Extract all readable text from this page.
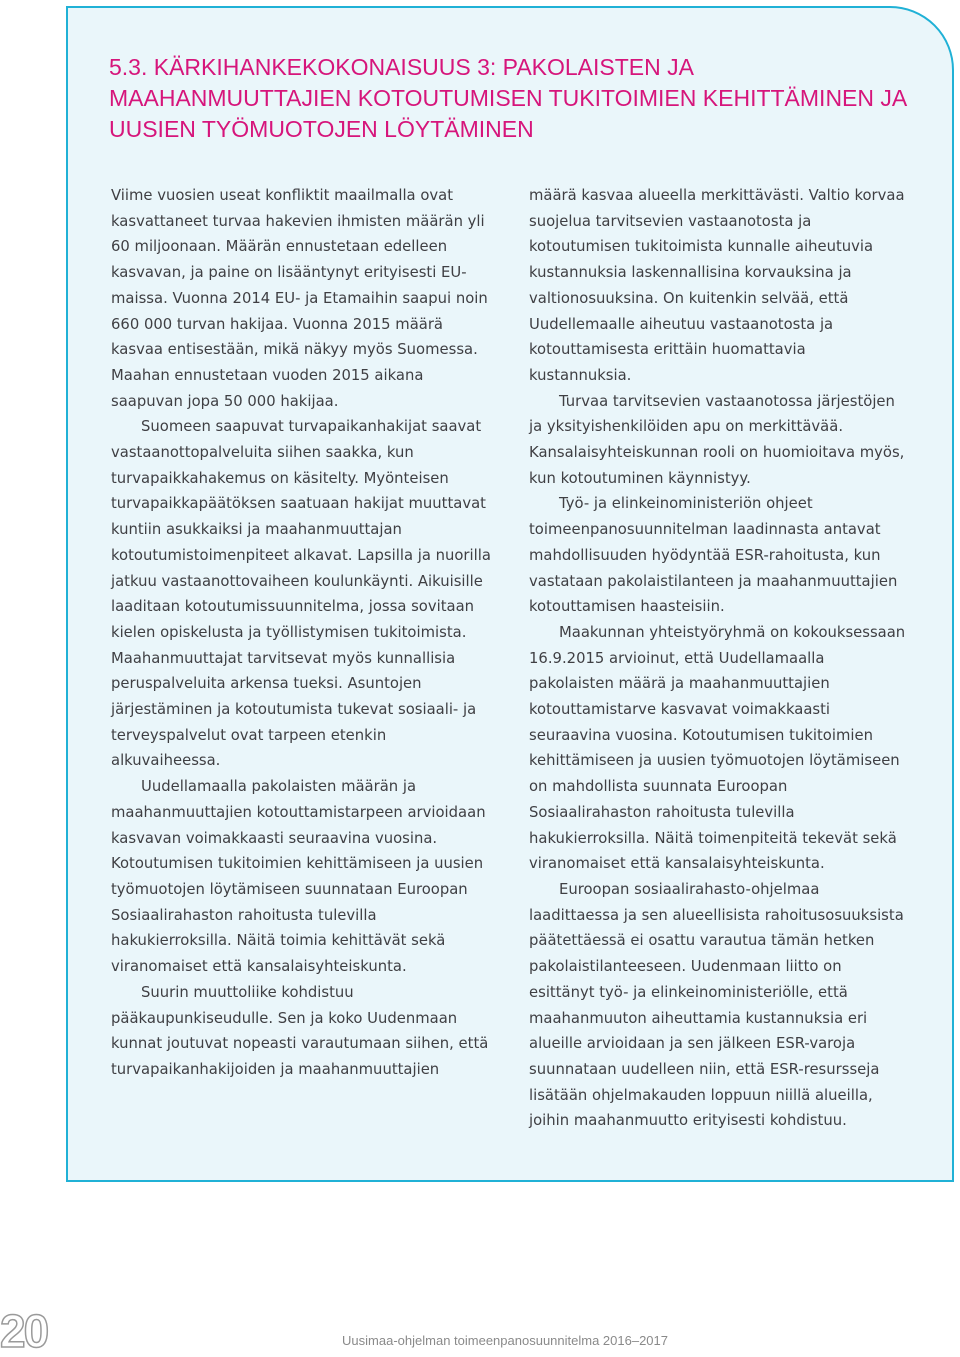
5.3. KÄRKIHANKEKOKONAISUUS 3: PAKOLAISTEN JA MAAHANMUUTTAJIEN KOTOUTUMISEN TUKITOIMIEN KEHITTÄMINEN JA UUSIEN TYÖMUOTOJEN LÖYTÄMINEN

Viime vuosien useat konfliktit maailmalla ovat kasvattaneet turvaa hakevien ihmisten määrän yli 60 miljoonaan. Määrän ennustetaan edelleen kasvavan, ja paine on lisääntynyt erityisesti EU-maissa. Vuonna 2014 EU- ja Etamaihin saapui noin 660 000 turvan hakijaa. Vuonna 2015 määrä kasvaa entisestään, mikä näkyy myös Suomessa. Maahan ennustetaan vuoden 2015 aikana saapuvan jopa 50 000 hakijaa.

Suomeen saapuvat turvapaikanhakijat saavat vastaanottopalveluita siihen saakka, kun turvapaikkahakemus on käsitelty. Myönteisen turvapaikkapäätöksen saatuaan hakijat muuttavat kuntiin asukkaiksi ja maahanmuuttajan kotoutumistoimenpiteet alkavat. Lapsilla ja nuorilla jatkuu vastaanottovaiheen koulunkäynti. Aikuisille laaditaan kotoutumissuunnitelma, jossa sovitaan kielen opiskelusta ja työllistymisen tukitoimista. Maahanmuuttajat tarvitsevat myös kunnallisia peruspalveluita arkensa tueksi. Asuntojen järjestäminen ja kotoutumista tukevat sosiaali- ja terveyspalvelut ovat tarpeen etenkin alkuvaiheessa.

Uudellamaalla pakolaisten määrän ja maahanmuuttajien kotouttamistarpeen arvioidaan kasvavan voimakkaasti seuraavina vuosina. Kotoutumisen tukitoimien kehittämiseen ja uusien työmuotojen löytämiseen suunnataan Euroopan Sosiaalirahaston rahoitusta tulevilla hakukierroksilla. Näitä toimia kehittävät sekä viranomaiset että kansalaisyhteiskunta.

Suurin muuttoliike kohdistuu pääkaupunkiseudulle. Sen ja koko Uudenmaan kunnat joutuvat nopeasti varautumaan siihen, että turvapaikanhakijoiden ja maahanmuuttajien

määrä kasvaa alueella merkittävästi. Valtio korvaa suojelua tarvitsevien vastaanotosta ja kotoutumisen tukitoimista kunnalle aiheutuvia kustannuksia laskennallisina korvauksina ja valtionosuuksina. On kuitenkin selvää, että Uudellemaalle aiheutuu vastaanotosta ja kotouttamisesta erittäin huomattavia kustannuksia.

Turvaa tarvitsevien vastaanotossa järjestöjen ja yksityishenkilöiden apu on merkittävää. Kansalaisyhteiskunnan rooli on huomioitava myös, kun kotoutuminen käynnistyy.

Työ- ja elinkeinoministeriön ohjeet toimeenpanosuunnitelman laadinnasta antavat mahdollisuuden hyödyntää ESR-rahoitusta, kun vastataan pakolaistilanteen ja maahanmuuttajien kotouttamisen haasteisiin.

Maakunnan yhteistyöryhmä on kokouksessaan 16.9.2015 arvioinut, että Uudellamaalla pakolaisten määrä ja maahanmuuttajien kotouttamistarve kasvavat voimakkaasti seuraavina vuosina. Kotoutumisen tukitoimien kehittämiseen ja uusien työmuotojen löytämiseen on mahdollista suunnata Euroopan Sosiaalirahaston rahoitusta tulevilla hakukierroksilla. Näitä toimenpiteitä tekevät sekä viranomaiset että kansalaisyhteiskunta.

Euroopan sosiaalirahasto-ohjelmaa laadittaessa ja sen alueellisista rahoitusosuuksista päätettäessä ei osattu varautua tämän hetken pakolaistilanteeseen. Uudenmaan liitto on esittänyt työ- ja elinkeinoministeriölle, että maahanmuuton aiheuttamia kustannuksia eri alueille arvioidaan ja sen jälkeen ESR-varoja suunnataan uudelleen niin, että ESR-resursseja lisätään ohjelmakauden loppuun niillä alueilla, joihin maahanmuutto erityisesti kohdistuu.

20	Uusimaa-ohjelman toimeenpanosuunnitelma 2016–2017
